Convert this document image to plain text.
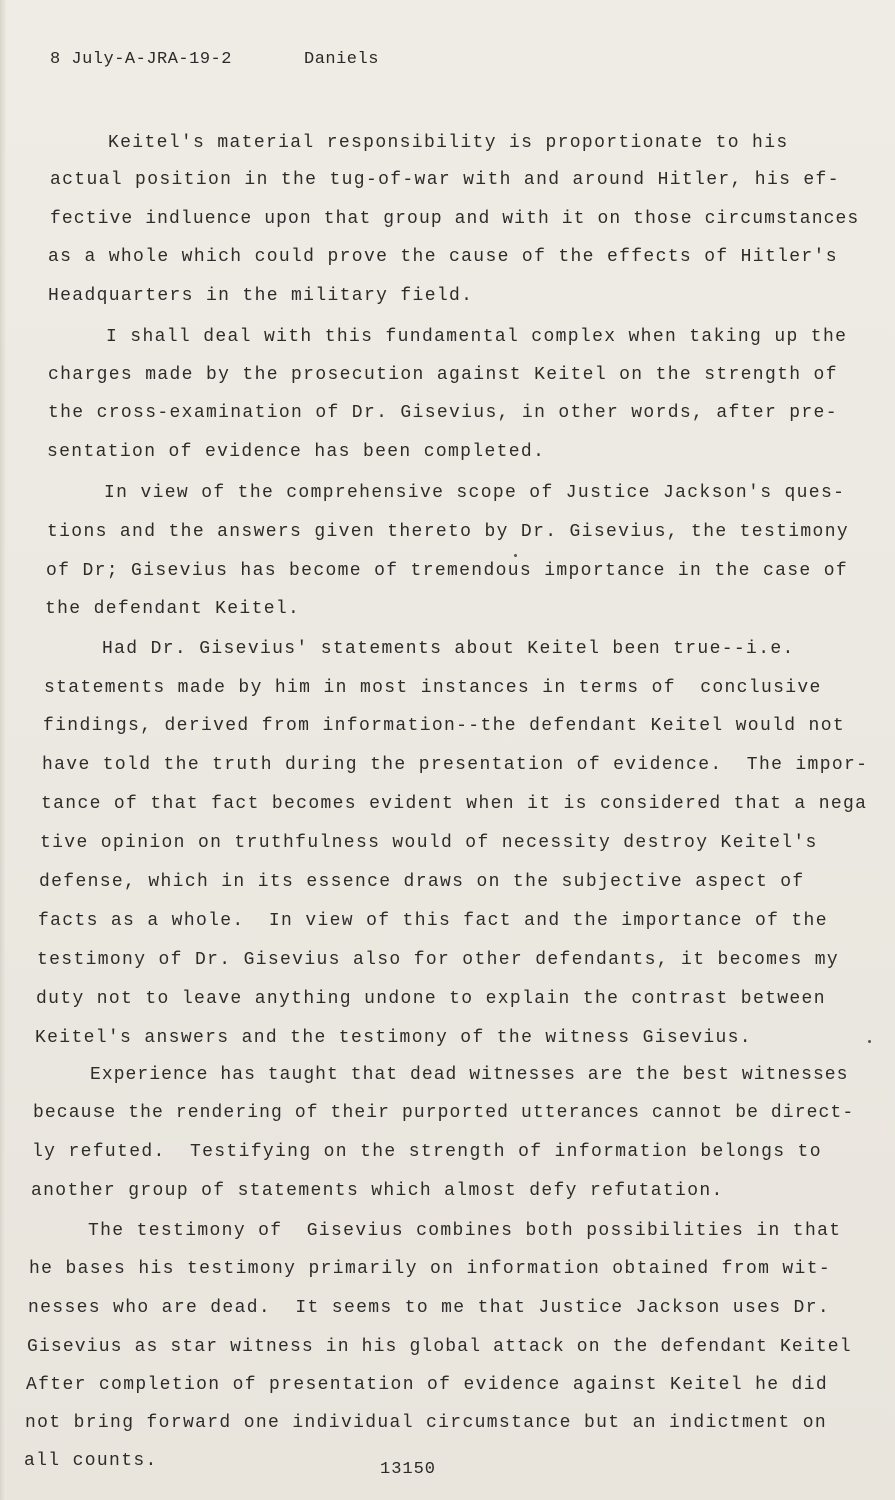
8 July-A-JRA-19-2	Daniels
Keitel's material responsibility is proportionate to his
actual position in the tug-of-war with and around Hitler, his ef-
fective indluence upon that group and with it on those circumstances
as a whole which could prove the cause of the effects of Hitler's
Headquarters in the military field.
I shall deal with this fundamental complex when taking up the
charges made by the prosecution against Keitel on the strength of
the cross-examination of Dr. Gisevius, in other words, after pre-
sentation of evidence has been completed.
In view of the comprehensive scope of Justice Jackson's ques-
tions and the answers given thereto by Dr. Gisevius, the testimony
of Dr; Gisevius has become of tremendous importance in the case of
the defendant Keitel.
Had Dr. Gisevius' statements about Keitel been true--i.e.
statements made by him in most instances in terms of  conclusive
findings, derived from information--the defendant Keitel would not
have told the truth during the presentation of evidence.  The impor-
tance of that fact becomes evident when it is considered that a nega
tive opinion on truthfulness would of necessity destroy Keitel's
defense, which in its essence draws on the subjective aspect of
facts as a whole.  In view of this fact and the importance of the
testimony of Dr. Gisevius also for other defendants, it becomes my
duty not to leave anything undone to explain the contrast between
Keitel's answers and the testimony of the witness Gisevius.
Experience has taught that dead witnesses are the best witnesses
because the rendering of their purported utterances cannot be direct-
ly refuted.  Testifying on the strength of information belongs to
another group of statements which almost defy refutation.
The testimony of  Gisevius combines both possibilities in that
he bases his testimony primarily on information obtained from wit-
nesses who are dead.  It seems to me that Justice Jackson uses Dr.
Gisevius as star witness in his global attack on the defendant Keitel
After completion of presentation of evidence against Keitel he did
not bring forward one individual circumstance but an indictment on
all counts.	13150
